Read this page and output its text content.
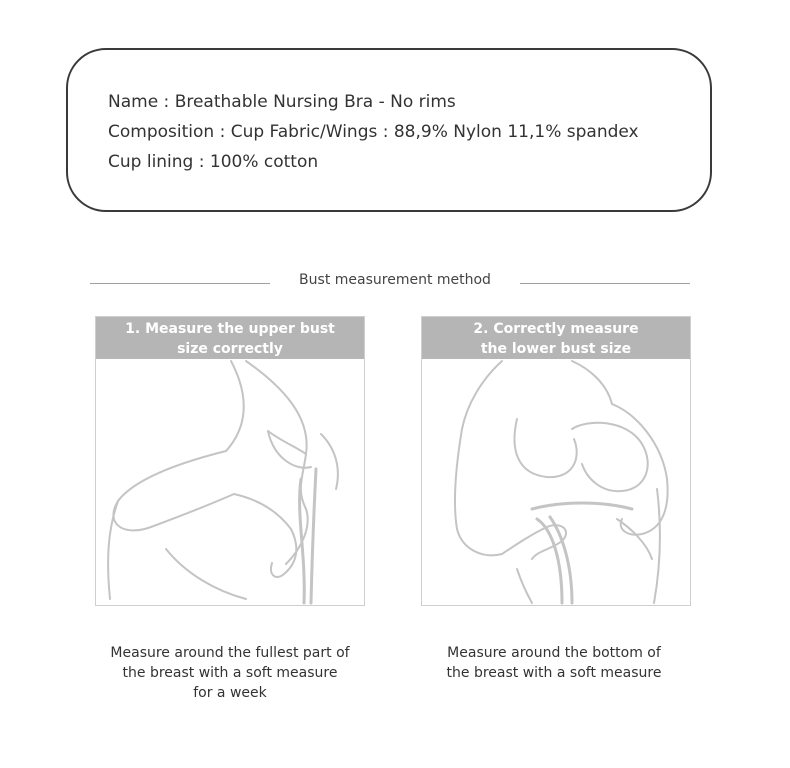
Name : Breathable Nursing Bra - No rims
Composition : Cup Fabric/Wings : 88,9% Nylon 11,1% spandex
Cup lining : 100% cotton
Bust measurement method
1. Measure the upper bust
size correctly
2. Correctly measure
the lower bust size
Measure around the fullest part of
the breast with a soft measure
for a week
Measure around the bottom of
the breast with a soft measure
